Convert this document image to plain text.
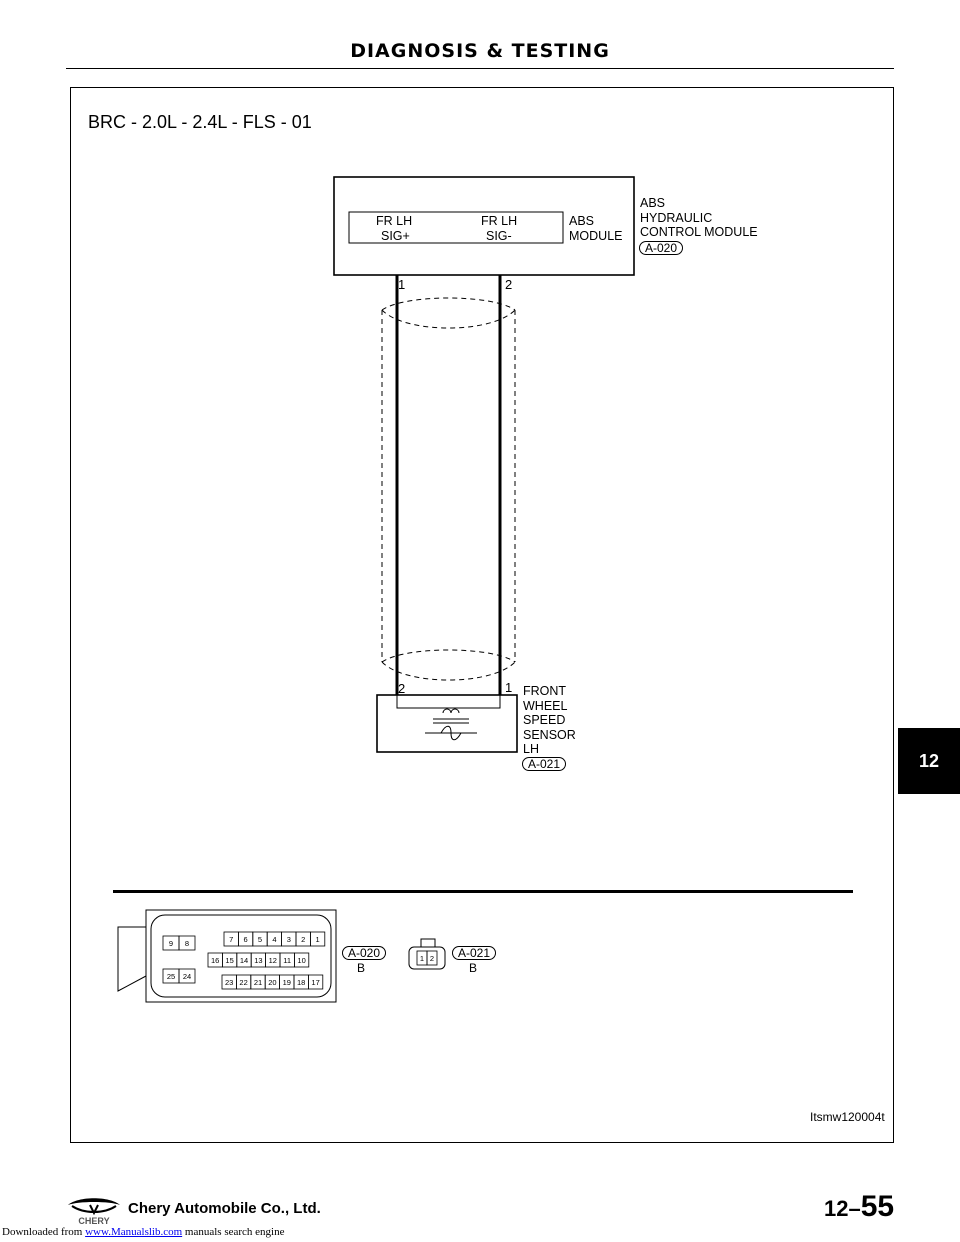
9 8
25 24
7 6 5 4 3 2 1
16 15 14 13 12 11 10
23 22 21 20 19 18 17
1 2
DIAGNOSIS & TESTING
BRC - 2.0L - 2.4L - FLS - 01
FR LH
SIG+
FR LH
SIG-
ABS
MODULE
ABS
HYDRAULIC
CONTROL MODULE
A-020
1	2
2	1 FRONT
WHEEL
SPEED
SENSOR
LH
A-021
A-020
B
A-021
B
Itsmw120004t
12
Downloaded from www.Manualslib.com manuals search engine
CHERY
Chery Automobile Co., Ltd.	12–55
